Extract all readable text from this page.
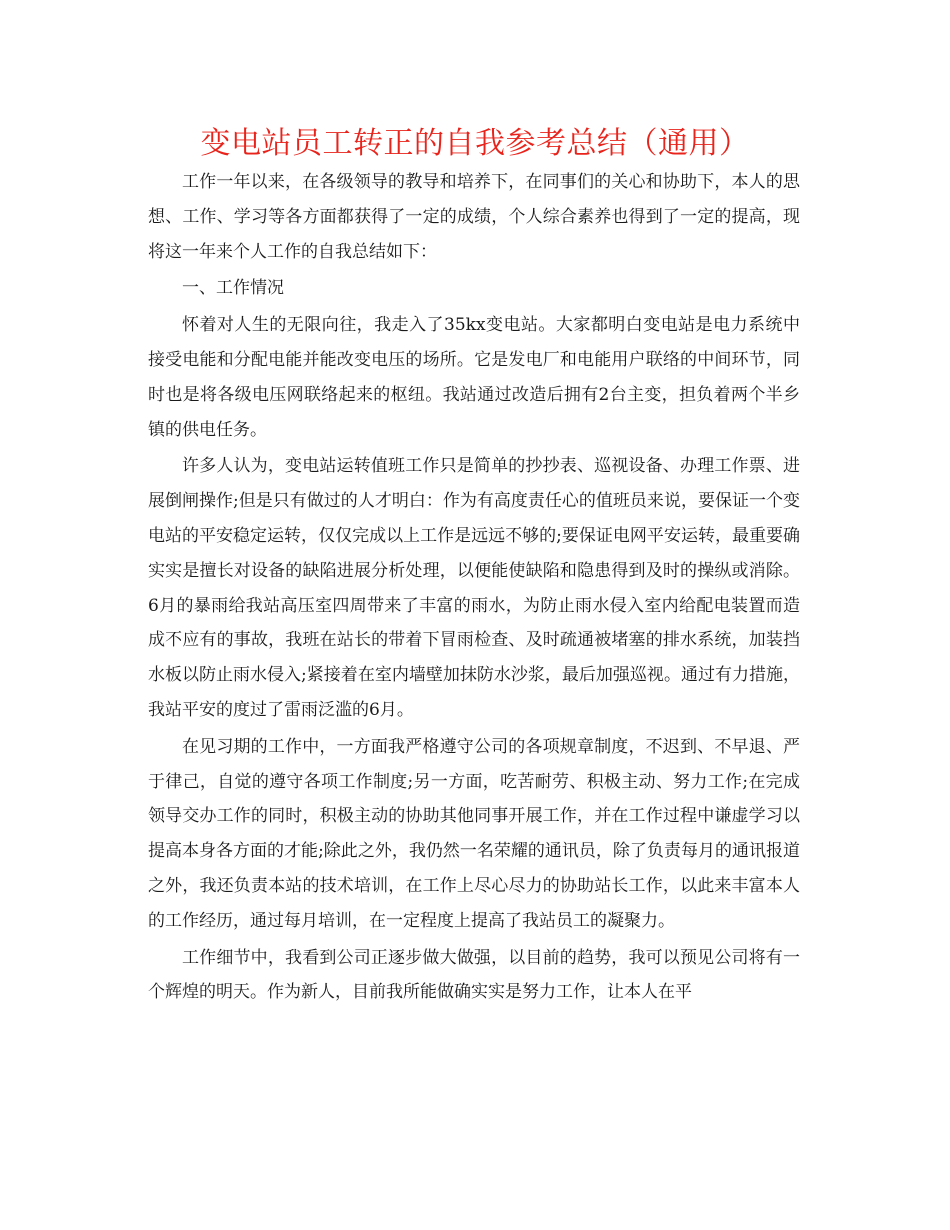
变电站员工转正的自我参考总结（通用）

工作一年以来，在各级领导的教导和培养下，在同事们的关心和协助下，本人的思想、工作、学习等各方面都获得了一定的成绩，个人综合素养也得到了一定的提高，现将这一年来个人工作的自我总结如下：

一、工作情况

怀着对人生的无限向往，我走入了35kx变电站。大家都明白变电站是电力系统中接受电能和分配电能并能改变电压的场所。它是发电厂和电能用户联络的中间环节，同时也是将各级电压网联络起来的枢纽。我站通过改造后拥有2台主变，担负着两个半乡镇的供电任务。

许多人认为，变电站运转值班工作只是简单的抄抄表、巡视设备、办理工作票、进展倒闸操作;但是只有做过的人才明白：作为有高度责任心的值班员来说，要保证一个变电站的平安稳定运转，仅仅完成以上工作是远远不够的;要保证电网平安运转，最重要确实实是擅长对设备的缺陷进展分析处理，以便能使缺陷和隐患得到及时的操纵或消除。6月的暴雨给我站高压室四周带来了丰富的雨水，为防止雨水侵入室内给配电装置而造成不应有的事故，我班在站长的带着下冒雨检查、及时疏通被堵塞的排水系统，加装挡水板以防止雨水侵入;紧接着在室内墙壁加抹防水沙浆，最后加强巡视。通过有力措施，我站平安的度过了雷雨泛滥的6月。

在见习期的工作中，一方面我严格遵守公司的各项规章制度，不迟到、不早退、严于律己，自觉的遵守各项工作制度;另一方面，吃苦耐劳、积极主动、努力工作;在完成领导交办工作的同时，积极主动的协助其他同事开展工作，并在工作过程中谦虚学习以提高本身各方面的才能;除此之外，我仍然一名荣耀的通讯员，除了负责每月的通讯报道之外，我还负责本站的技术培训，在工作上尽心尽力的协助站长工作，以此来丰富本人的工作经历，通过每月培训，在一定程度上提高了我站员工的凝聚力。

工作细节中，我看到公司正逐步做大做强，以目前的趋势，我可以预见公司将有一个辉煌的明天。作为新人，目前我所能做确实实是努力工作，让本人在平
